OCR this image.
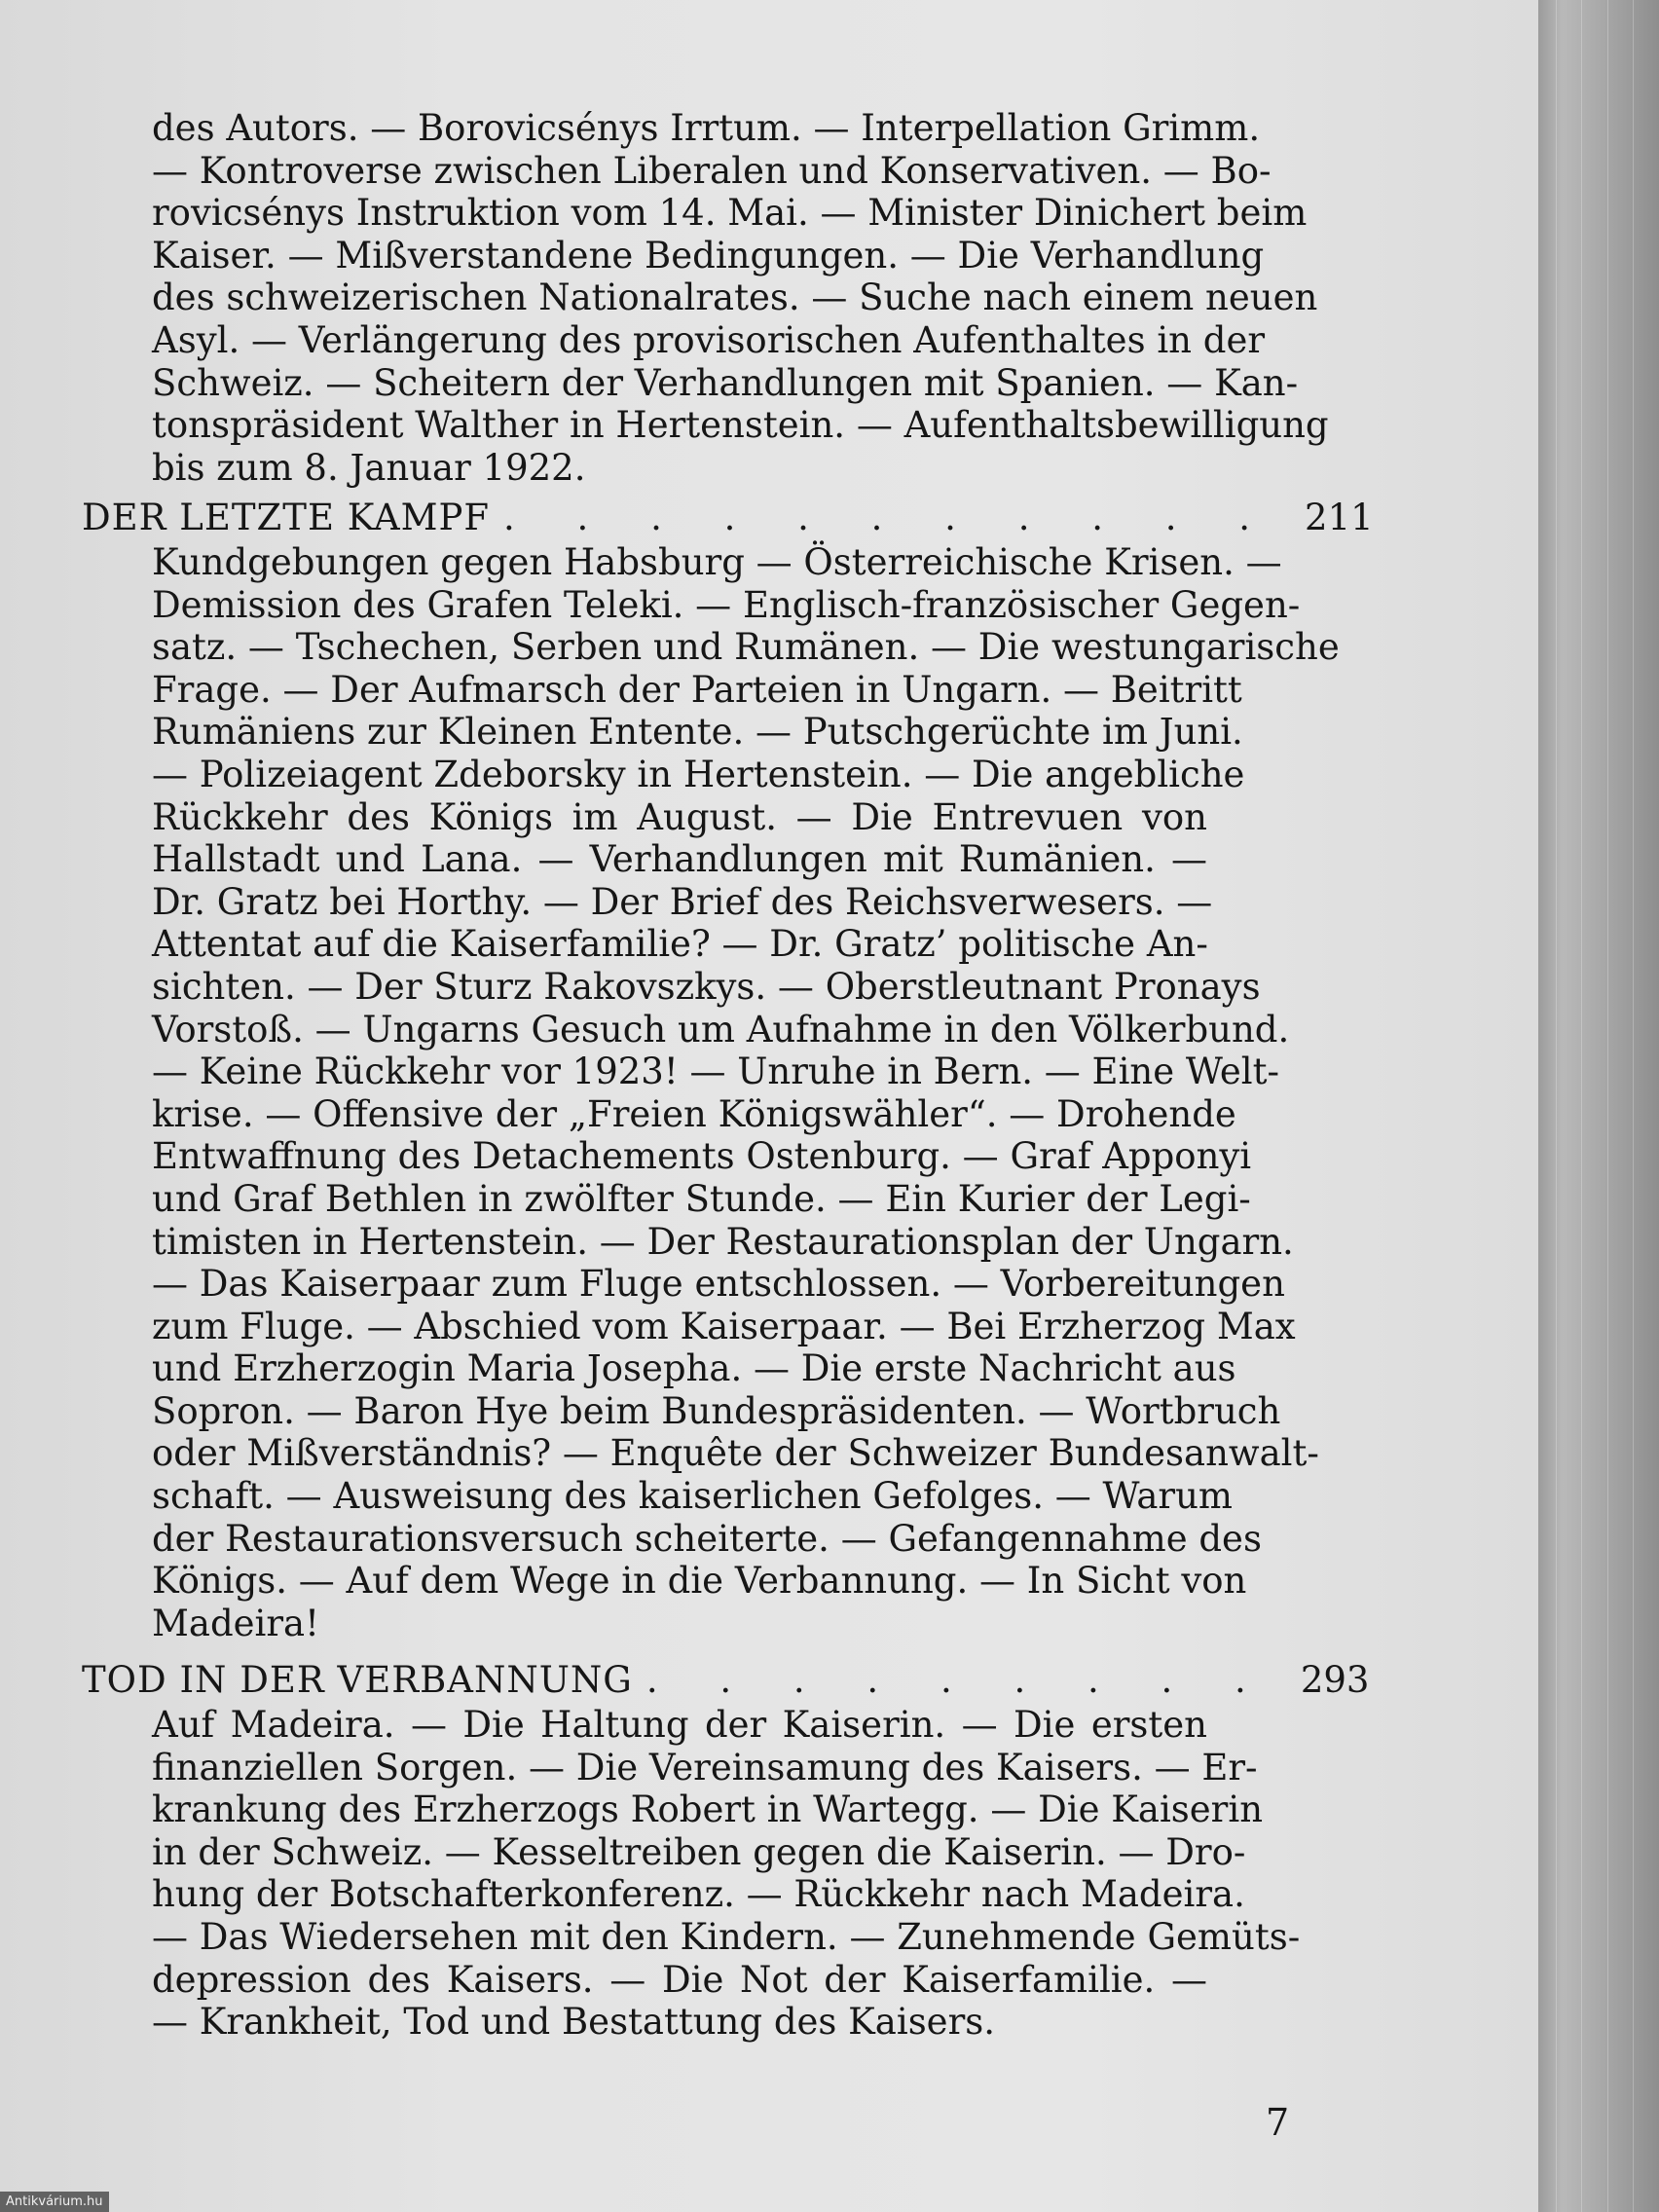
des Autors. — Borovicsénys Irrtum. — Interpellation Grimm.
— Kontroverse zwischen Liberalen und Konservativen. — Bo-
rovicsénys Instruktion vom 14. Mai. — Minister Dinichert beim
Kaiser. — Mißverstandene Bedingungen. — Die Verhandlung
des schweizerischen Nationalrates. — Suche nach einem neuen
Asyl. — Verlängerung des provisorischen Aufenthaltes in der
Schweiz. — Scheitern der Verhandlungen mit Spanien. — Kan-
tonspräsident Walther in Hertenstein. — Aufenthaltsbewilligung
bis zum 8. Januar 1922.
DER LETZTE KAMPF . . . . . . . . . . . 211
Kundgebungen gegen Habsburg — Österreichische Krisen. —
Demission des Grafen Teleki. — Englisch-französischer Gegen-
satz. — Tschechen, Serben und Rumänen. — Die westungarische
Frage. — Der Aufmarsch der Parteien in Ungarn. — Beitritt
Rumäniens zur Kleinen Entente. — Putschgerüchte im Juni.
— Polizeiagent Zdeborsky in Hertenstein. — Die angebliche
Rückkehr des Königs im August. — Die Entrevuen von
Hallstadt und Lana. — Verhandlungen mit Rumänien. —
Dr. Gratz bei Horthy. — Der Brief des Reichsverwesers. —
Attentat auf die Kaiserfamilie? — Dr. Gratz’ politische An-
sichten. — Der Sturz Rakovszkys. — Oberstleutnant Pronays
Vorstoß. — Ungarns Gesuch um Aufnahme in den Völkerbund.
— Keine Rückkehr vor 1923! — Unruhe in Bern. — Eine Welt-
krise. — Offensive der „Freien Königswähler“. — Drohende
Entwaffnung des Detachements Ostenburg. — Graf Apponyi
und Graf Bethlen in zwölfter Stunde. — Ein Kurier der Legi-
timisten in Hertenstein. — Der Restaurationsplan der Ungarn.
— Das Kaiserpaar zum Fluge entschlossen. — Vorbereitungen
zum Fluge. — Abschied vom Kaiserpaar. — Bei Erzherzog Max
und Erzherzogin Maria Josepha. — Die erste Nachricht aus
Sopron. — Baron Hye beim Bundespräsidenten. — Wortbruch
oder Mißverständnis? — Enquête der Schweizer Bundesanwalt-
schaft. — Ausweisung des kaiserlichen Gefolges. — Warum
der Restaurationsversuch scheiterte. — Gefangennahme des
Königs. — Auf dem Wege in die Verbannung. — In Sicht von
Madeira!
TOD IN DER VERBANNUNG . . . . . . . . . 293
Auf Madeira. — Die Haltung der Kaiserin. — Die ersten
finanziellen Sorgen. — Die Vereinsamung des Kaisers. — Er-
krankung des Erzherzogs Robert in Wartegg. — Die Kaiserin
in der Schweiz. — Kesseltreiben gegen die Kaiserin. — Dro-
hung der Botschafterkonferenz. — Rückkehr nach Madeira.
— Das Wiedersehen mit den Kindern. — Zunehmende Gemüts-
depression des Kaisers. — Die Not der Kaiserfamilie. —
— Krankheit, Tod und Bestattung des Kaisers.
7
Antikvárium.hu
